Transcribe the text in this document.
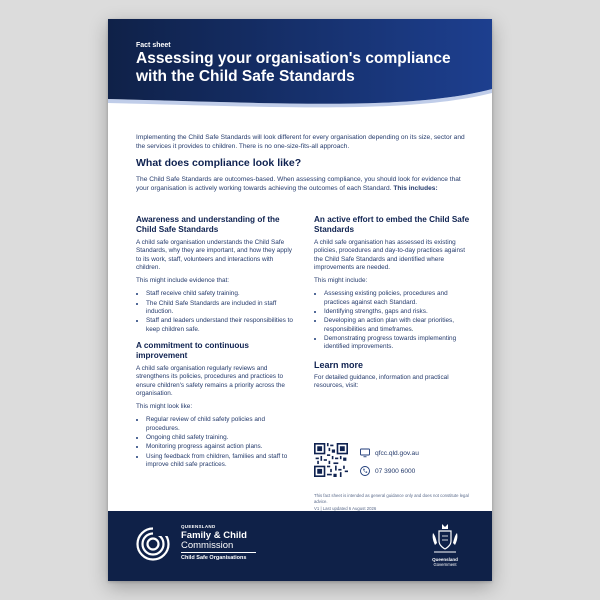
Fact sheet
Assessing your organisation's compliance with the Child Safe Standards
Implementing the Child Safe Standards will look different for every organisation depending on its size, sector and the services it provides to children. There is no one-size-fits-all approach.
What does compliance look like?
The Child Safe Standards are outcomes-based. When assessing compliance, you should look for evidence that your organisation is actively working towards achieving the outcomes of each Standard. This includes:
Awareness and understanding of the Child Safe Standards

A child safe organisation understands the Child Safe Standards, why they are important, and how they apply to its work, staff, volunteers and interactions with children.

This might include evidence that:

• Staff receive child safety training.
• The Child Safe Standards are included in staff induction.
• Staff and leaders understand their responsibilities to keep children safe.
A commitment to continuous improvement

A child safe organisation regularly reviews and strengthens its policies, procedures and practices to ensure children's safety remains a priority across the organisation.

This might look like:

• Regular review of child safety policies and procedures.
• Ongoing child safety training.
• Monitoring progress against action plans.
• Using feedback from children, families and staff to improve child safe practices.
An active effort to embed the Child Safe Standards

A child safe organisation has assessed its existing policies, procedures and day-to-day practices against the Child Safe Standards and identified where improvements are needed.

This might include:

• Assessing existing policies, procedures and practices against each Standard.
• Identifying strengths, gaps and risks.
• Developing an action plan with clear priorities, responsibilities and timeframes.
• Demonstrating progress towards implementing identified improvements.
Learn more

For detailed guidance, information and practical resources, visit:

qfcc.qld.gov.au
07 3900 6000
This fact sheet is intended as general guidance only and does not constitute legal advice.
V1 | Last updated 6 August 2026
QUEENSLAND
Family & Child
Commission
Child Safe Organisations	Queensland
Government
